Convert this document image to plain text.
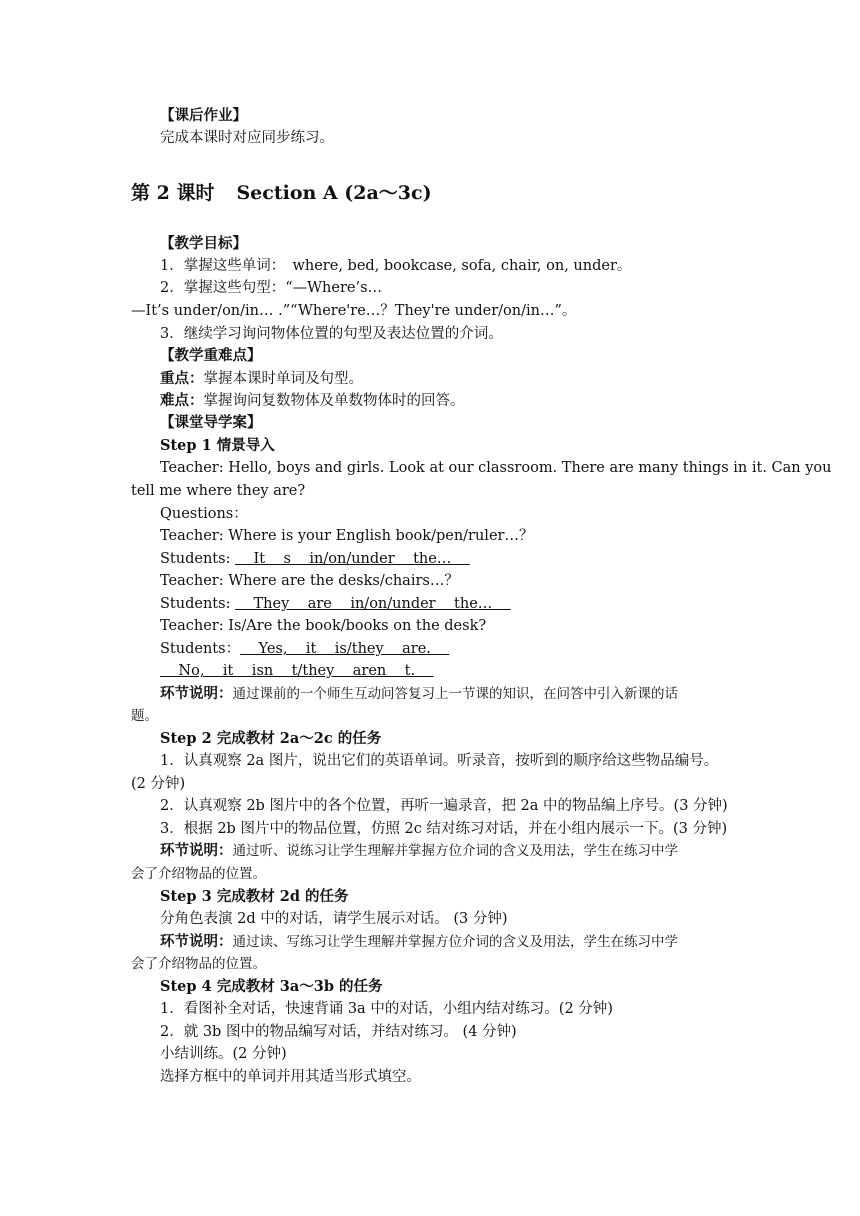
【课后作业】
完成本课时对应同步练习。
第 2 课时 Section A (2a～3c)
【教学目标】
1．掌握这些单词：　where, bed, bookcase, sofa, chair, on, under。
2．掌握这些句型：“—Where’s…
—It’s under/on/in… .”“Where're…？They're under/on/in…”。
3．继续学习询问物体位置的句型及表达位置的介词。
【教学重难点】
重点：掌握本课时单词及句型。
难点：掌握询问复数物体及单数物体时的回答。
【课堂导学案】
Step 1 情景导入
Teacher: Hello, boys and girls. Look at our classroom. There are many things in it. Can you
tell me where they are?
Questions：
Teacher: Where is your English book/pen/ruler…？
Students:     It    s    in/on/under    the…
Teacher: Where are the desks/chairs…？
Students:     They    are    in/on/under    the…
Teacher: Is/Are the book/books on the desk?
Students：    Yes,    it    is/they    are.
No,    it    isn    t/they    aren    t.
环节说明：通过课前的一个师生互动问答复习上一节课的知识，在问答中引入新课的话
题。
Step 2 完成教材 2a～2c 的任务
1．认真观察 2a 图片，说出它们的英语单词。听录音，按听到的顺序给这些物品编号。
(2 分钟)
2．认真观察 2b 图片中的各个位置，再听一遍录音，把 2a 中的物品编上序号。(3 分钟)
3．根据 2b 图片中的物品位置，仿照 2c 结对练习对话，并在小组内展示一下。(3 分钟)
环节说明：通过听、说练习让学生理解并掌握方位介词的含义及用法，学生在练习中学
会了介绍物品的位置。
Step 3 完成教材 2d 的任务
分角色表演 2d 中的对话，请学生展示对话。 (3 分钟)
环节说明：通过读、写练习让学生理解并掌握方位介词的含义及用法，学生在练习中学
会了介绍物品的位置。
Step 4 完成教材 3a～3b 的任务
1．看图补全对话，快速背诵 3a 中的对话，小组内结对练习。(2 分钟)
2．就 3b 图中的物品编写对话，并结对练习。 (4 分钟)
小结训练。(2 分钟)
选择方框中的单词并用其适当形式填空。
